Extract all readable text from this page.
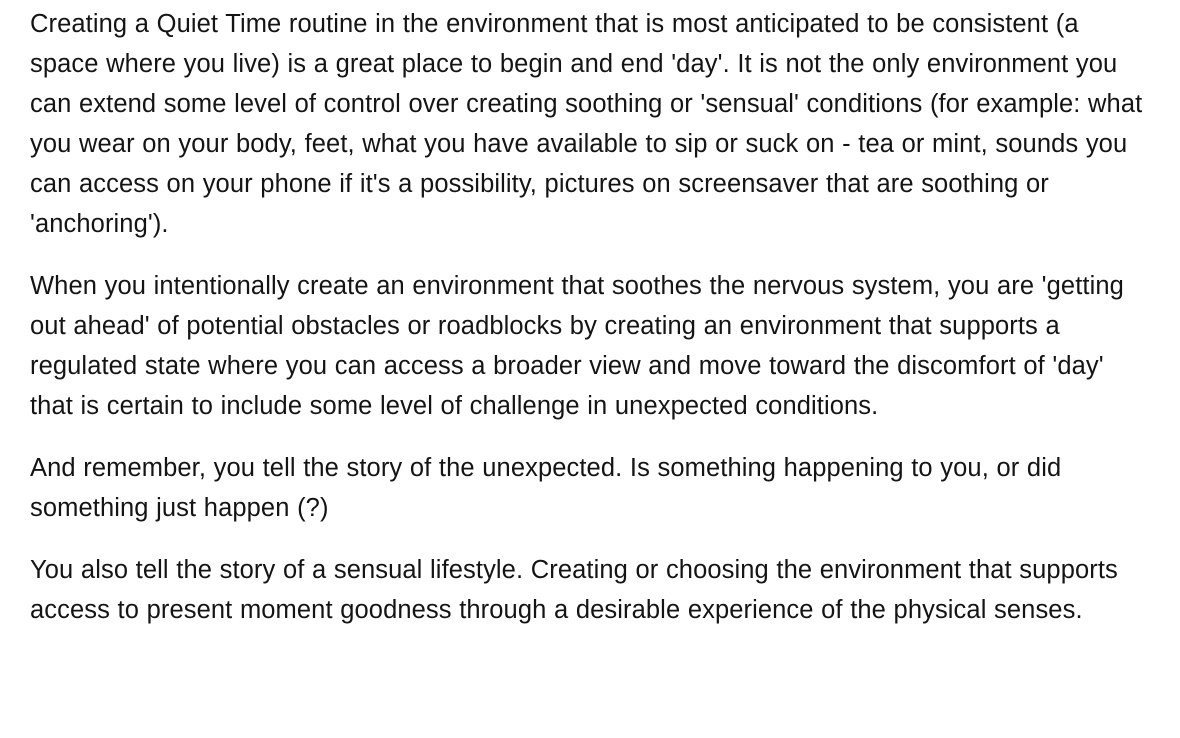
Creating a Quiet Time routine in the environment that is most anticipated to be consistent (a space where you live) is a great place to begin and end 'day'. It is not the only environment you can extend some level of control over creating soothing or 'sensual' conditions (for example: what you wear on your body, feet, what you have available to sip or suck on - tea or mint, sounds you can access on your phone if it's a possibility, pictures on screensaver that are soothing or 'anchoring').

When you intentionally create an environment that soothes the nervous system, you are 'getting out ahead' of potential obstacles or roadblocks by creating an environment that supports a regulated state where you can access a broader view and move toward the discomfort of 'day' that is certain to include some level of challenge in unexpected conditions.

And remember, you tell the story of the unexpected. Is something happening to you, or did something just happen (?)

You also tell the story of a sensual lifestyle. Creating or choosing the environment that supports access to present moment goodness through a desirable experience of the physical senses.
